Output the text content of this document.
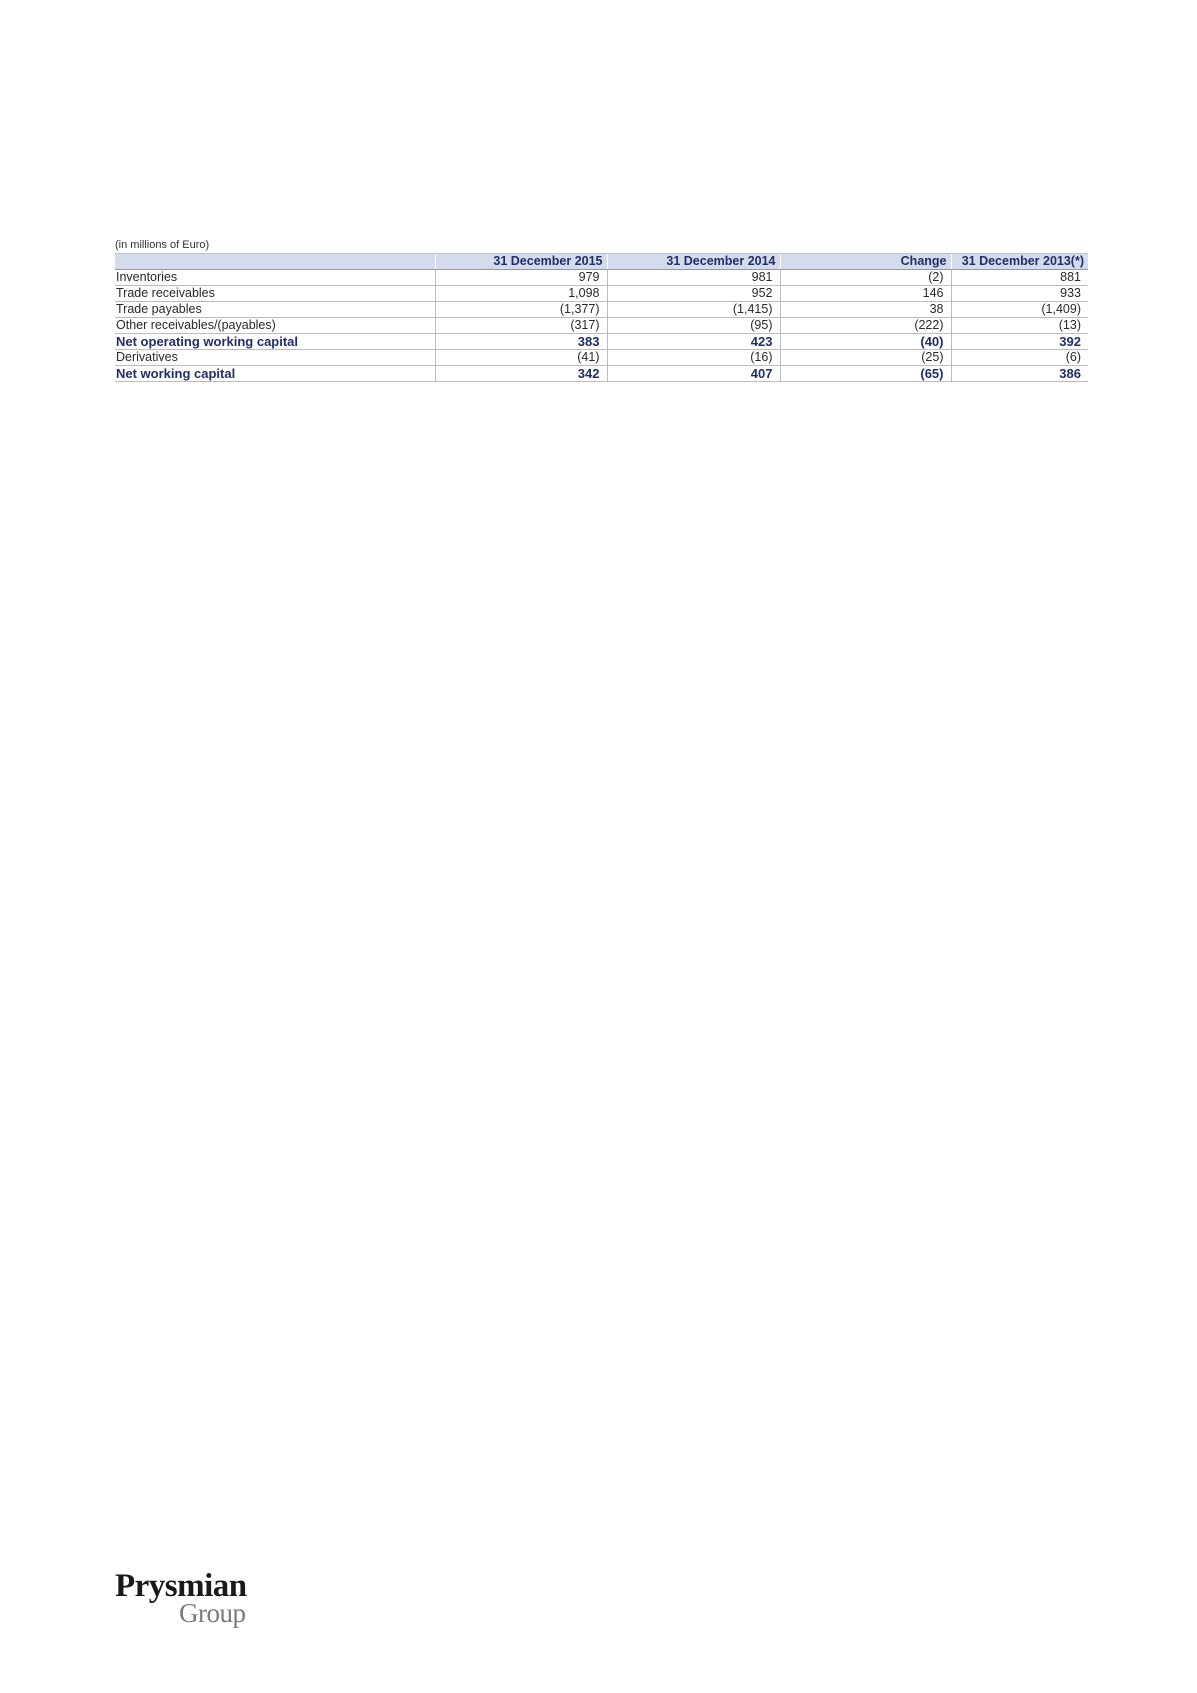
(in millions of Euro)
	31 December 2015	31 December 2014	Change	31 December 2013(*)
Inventories	979	981	(2)	881
Trade receivables	1,098	952	146	933
Trade payables	(1,377)	(1,415)	38	(1,409)
Other receivables/(payables)	(317)	(95)	(222)	(13)
Net operating working capital	383	423	(40)	392
Derivatives	(41)	(16)	(25)	(6)
Net working capital	342	407	(65)	386
Prysmian
Group
